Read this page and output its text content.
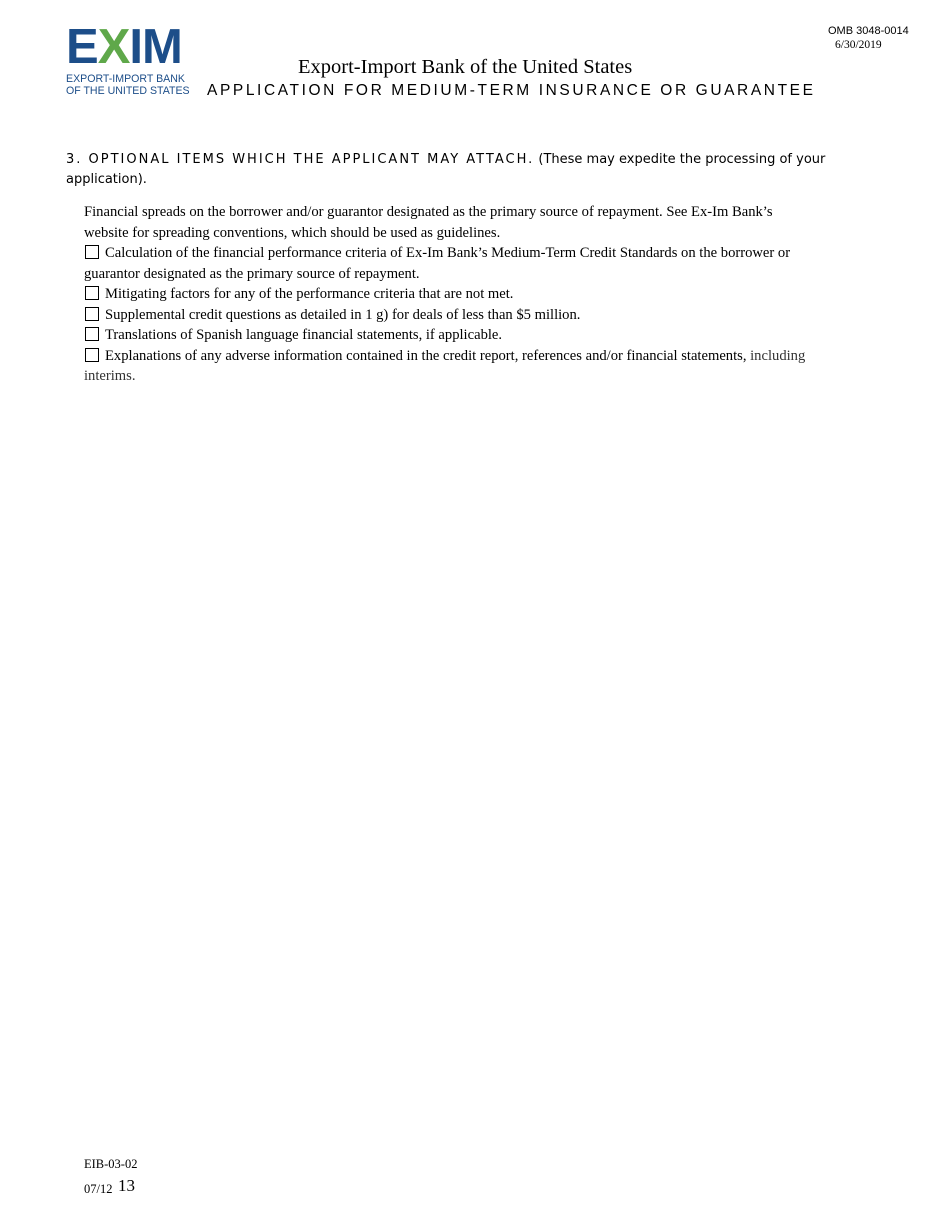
EXIM
EXPORT-IMPORT BANK
OF THE UNITED STATES
OMB 3048-0014
6/30/2019
Export-Import Bank of the United States
APPLICATION FOR MEDIUM-TERM INSURANCE OR GUARANTEE
3. OPTIONAL ITEMS WHICH THE APPLICANT MAY ATTACH. (These may expedite the processing of your application).
Financial spreads on the borrower and/or guarantor designated as the primary source of repayment. See Ex-Im Bank’s
website for spreading conventions, which should be used as guidelines.
Calculation of the financial performance criteria of Ex-Im Bank’s Medium-Term Credit Standards on the borrower or
guarantor designated as the primary source of repayment.
Mitigating factors for any of the performance criteria that are not met.
Supplemental credit questions as detailed in 1 g) for deals of less than $5 million.
Translations of Spanish language financial statements, if applicable.
Explanations of any adverse information contained in the credit report, references and/or financial statements, including
interims.
EIB-03-02
07/12 13
